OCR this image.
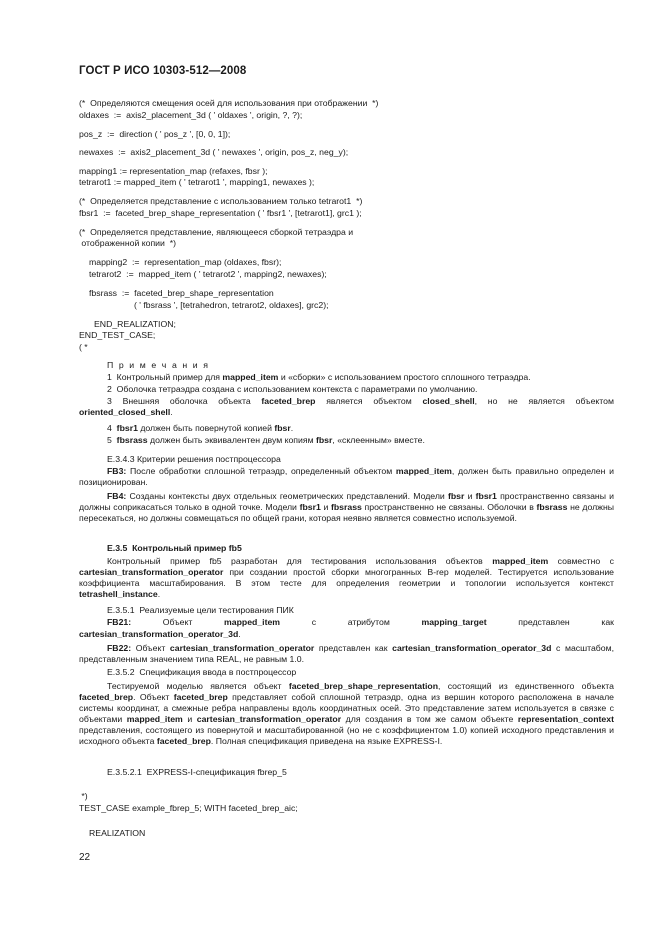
ГОСТ Р ИСО 10303-512—2008
(*  Определяются смещения осей для использования при отображении  *)
oldaxes  :=  axis2_placement_3d ( ' oldaxes ', origin, ?, ?);
pos_z  :=  direction ( ' pos_z ', [0, 0, 1]);
newaxes  :=  axis2_placement_3d ( ' newaxes ', origin, pos_z, neg_y);
mapping1 := representation_map (refaxes, fbsr );
tetrarot1 := mapped_item ( ' tetrarot1 ', mapping1, newaxes );
(*  Определяется представление с использованием только tetrarot1  *)
fbsr1  :=  faceted_brep_shape_representation ( ' fbsr1 ', [tetrarot1], grc1 );
(*  Определяется представление, являющееся сборкой тетраэдра и
отображенной копии  *)
mapping2  :=  representation_map (oldaxes, fbsr);
tetrarot2  :=  mapped_item ( ' tetrarot2 ', mapping2, newaxes);
fbsrass  :=  faceted_brep_shape_representation
( ' fbsrass ', [tetrahedron, tetrarot2, oldaxes], grc2);
END_REALIZATION;
END_TEST_CASE;
( *
П р и м е ч а н и я
1  Контрольный пример для mapped_item и «сборки» с использованием простого сплошного тетраэдра.
2  Оболочка тетраэдра создана с использованием контекста с параметрами по умолчанию.
3 Внешняя оболочка объекта faceted_brep является объектом closed_shell, но не является объектом oriented_closed_shell.
4  fbsr1 должен быть повернутой копией fbsr.
5  fbsrass должен быть эквивалентен двум копиям fbsr, «склеенным» вместе.
Е.3.4.3 Критерии решения постпроцессора
FB3: После обработки сплошной тетраэдр, определенный объектом mapped_item, должен быть правильно определен и позиционирован.
FB4: Созданы контексты двух отдельных геометрических представлений. Модели fbsr и fbsr1 пространственно связаны и должны соприкасаться только в одной точке. Модели fbsr1 и fbsrass пространственно не связаны. Оболочки в fbsrass не должны пересекаться, но должны совмещаться по общей грани, которая неявно является совместно используемой.
Е.3.5  Контрольный пример fb5
Контрольный пример fb5 разработан для тестирования использования объектов mapped_item совместно с cartesian_transformation_operator при создании простой сборки многогранных B-rep моделей. Тестируется использование коэффициента масштабирования. В этом тесте для определения геометрии и топологии используется контекст tetrashell_instance.
Е.3.5.1  Реализуемые цели тестирования ПИК
FB21: Объект mapped_item с атрибутом mapping_target представлен как
cartesian_transformation_operator_3d.
FB22: Объект cartesian_transformation_operator представлен как cartesian_transformation_operator_3d с масштабом, представленным значением типа REAL, не равным 1.0.
Е.3.5.2  Спецификация ввода в постпроцессор
Тестируемой моделью является объект faceted_brep_shape_representation, состоящий из единственного объекта faceted_brep. Объект faceted_brep представляет собой сплошной тетраэдр, одна из вершин которого расположена в начале системы координат, а смежные ребра направлены вдоль координатных осей. Это представление затем используется в связке с объектами mapped_item и cartesian_transformation_operator для создания в том же самом объекте representation_context представления, состоящего из повернутой и масштабированной (но не с коэффициентом 1.0) копией исходного представления и исходного объекта faceted_brep. Полная спецификация приведена на языке EXPRESS-I.
Е.3.5.2.1  EXPRESS-I-спецификация fbrep_5
*)
TEST_CASE example_fbrep_5; WITH faceted_brep_aic;
REALIZATION
22
